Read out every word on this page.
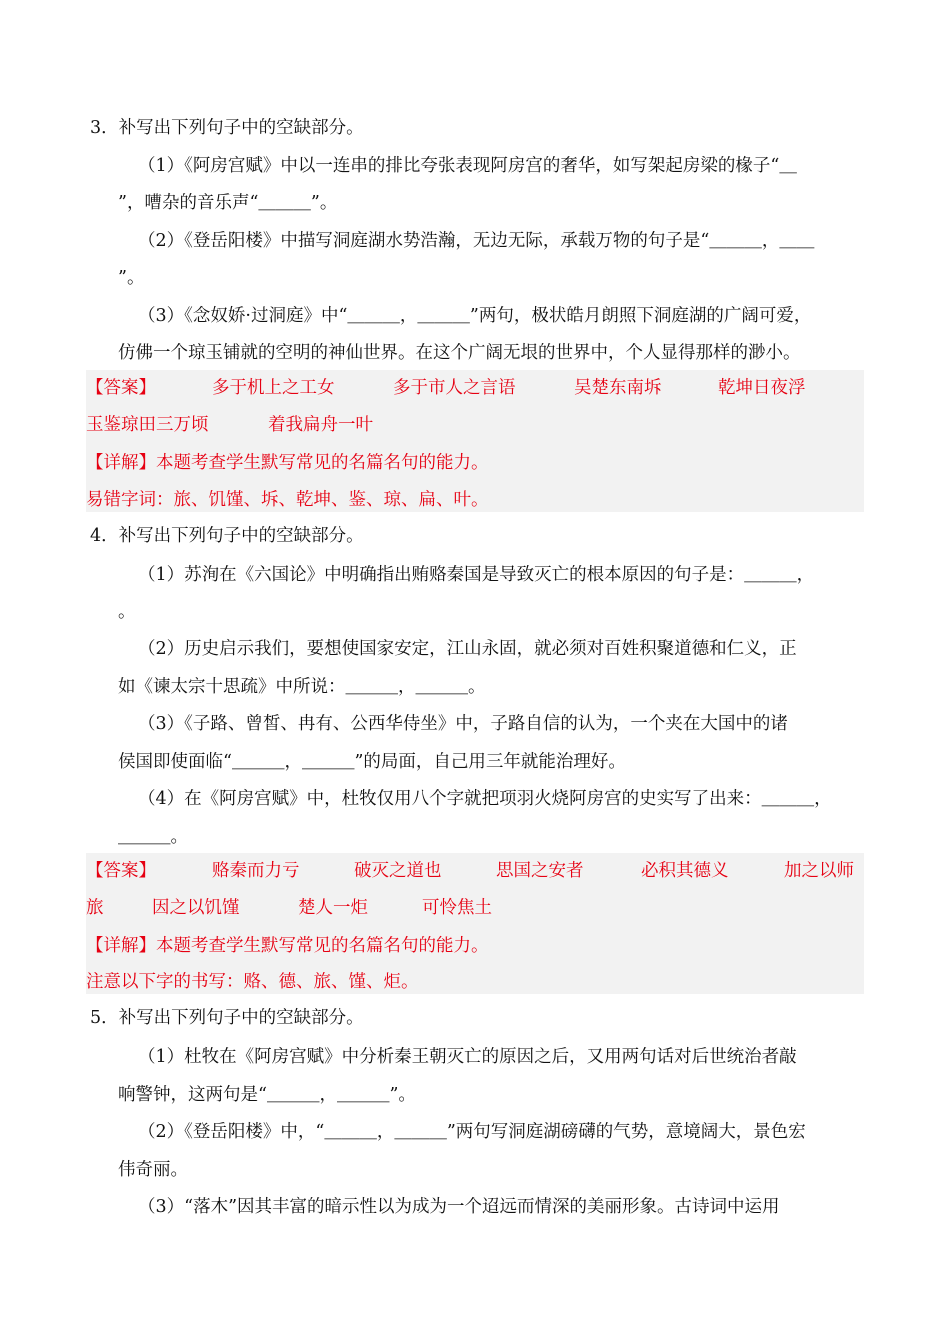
3．补写出下列句子中的空缺部分。
（1）《阿房宫赋》中以一连串的排比夸张表现阿房宫的奢华，如写架起房梁的椽子“＿
”，嘈杂的音乐声“＿＿＿”。
（2）《登岳阳楼》中描写洞庭湖水势浩瀚，无边无际，承载万物的句子是“＿＿＿，＿＿
”。
（3）《念奴娇·过洞庭》中“＿＿＿，＿＿＿”两句，极状皓月朗照下洞庭湖的广阔可爱，
仿佛一个琼玉铺就的空明的神仙世界。在这个广阔无垠的世界中，个人显得那样的渺小。
【答案】	多于机上之工女	多于市人之言语	吴楚东南坼	乾坤日夜浮
玉鉴琼田三万顷	着我扁舟一叶
【详解】本题考查学生默写常见的名篇名句的能力。
易错字词：旅、饥馑、坼、乾坤、鉴、琼、扁、叶。
4．补写出下列句子中的空缺部分。
（1）苏洵在《六国论》中明确指出贿赂秦国是导致灭亡的根本原因的句子是：＿＿＿，
。
（2）历史启示我们，要想使国家安定，江山永固，就必须对百姓积聚道德和仁义，正
如《谏太宗十思疏》中所说：＿＿＿，＿＿＿。
（3）《子路、曾皙、冉有、公西华侍坐》中，子路自信的认为，一个夹在大国中的诸
侯国即使面临“＿＿＿，＿＿＿”的局面，自己用三年就能治理好。
（4）在《阿房宫赋》中，杜牧仅用八个字就把项羽火烧阿房宫的史实写了出来：＿＿＿，
＿＿＿。
【答案】	赂秦而力亏	破灭之道也	思国之安者	必积其德义	加之以师
旅	因之以饥馑	楚人一炬	可怜焦土
【详解】本题考查学生默写常见的名篇名句的能力。
注意以下字的书写：赂、德、旅、馑、炬。
5．补写出下列句子中的空缺部分。
（1）杜牧在《阿房宫赋》中分析秦王朝灭亡的原因之后，又用两句话对后世统治者敲
响警钟，这两句是“＿＿＿，＿＿＿”。
（2）《登岳阳楼》中，“＿＿＿，＿＿＿”两句写洞庭湖磅礴的气势，意境阔大，景色宏
伟奇丽。
（3）“落木”因其丰富的暗示性以为成为一个迢远而情深的美丽形象。古诗词中运用
